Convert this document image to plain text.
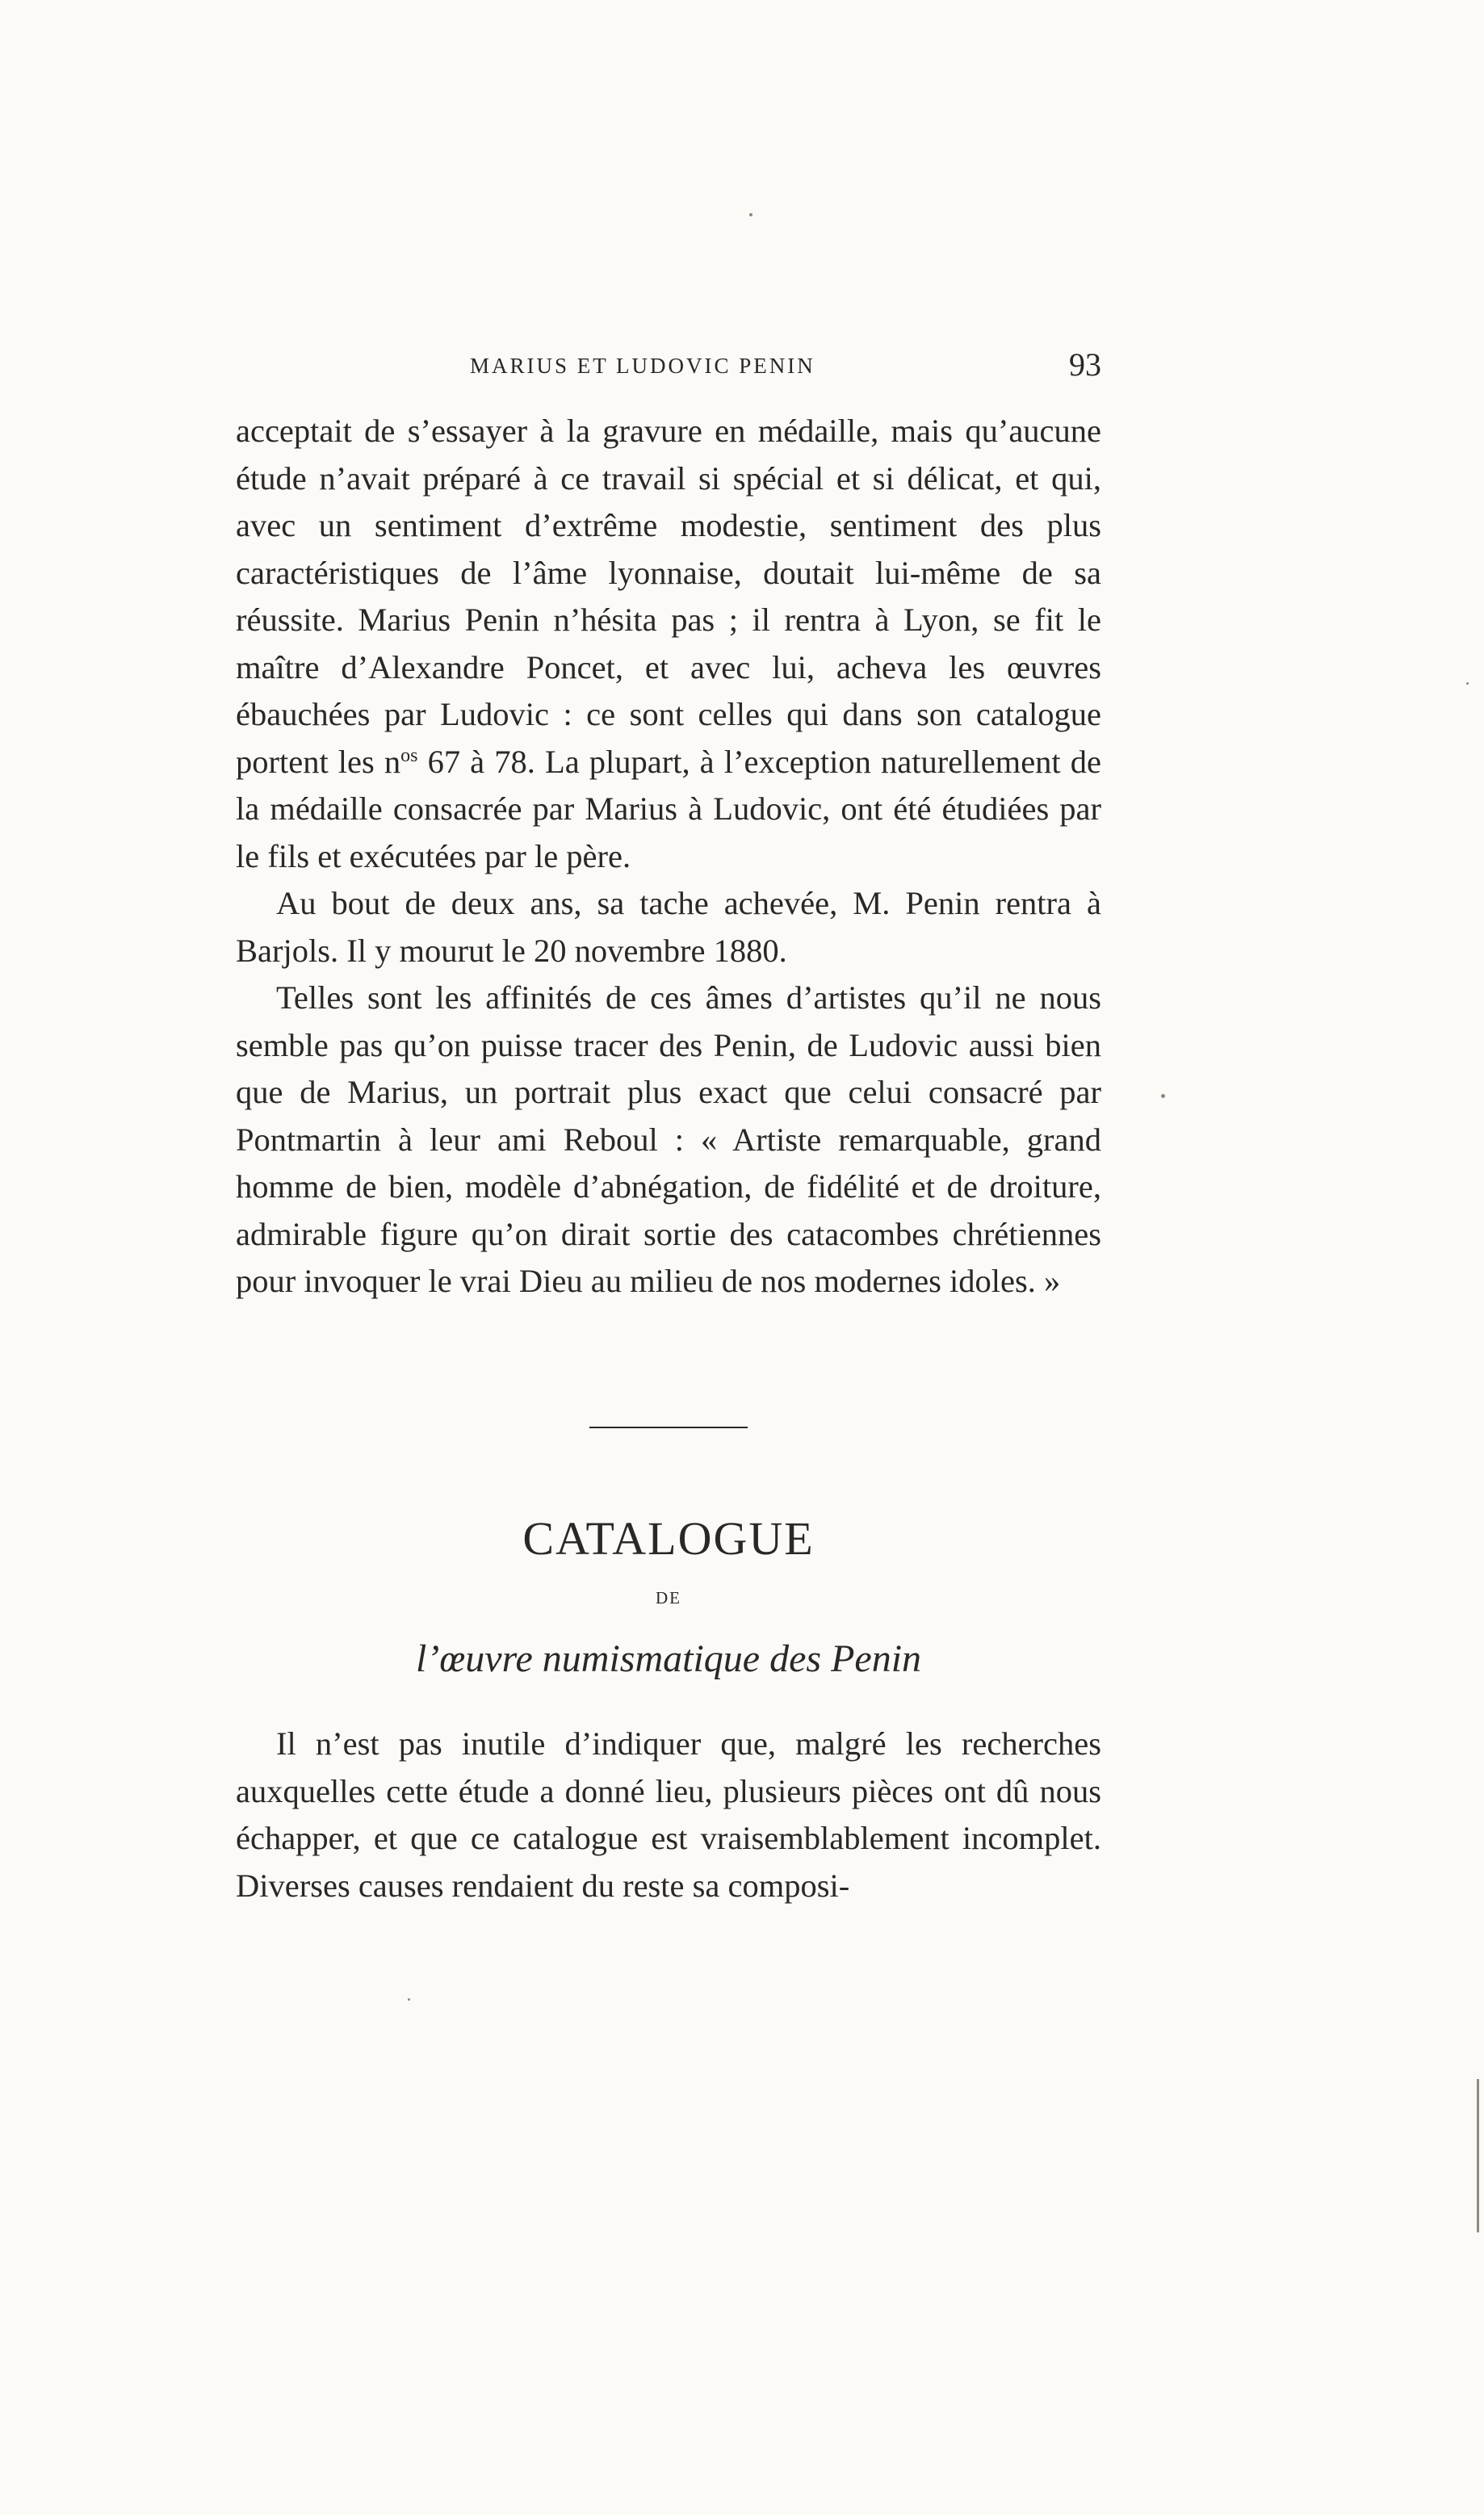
MARIUS ET LUDOVIC PENIN	93

acceptait de s’essayer à la gravure en médaille, mais qu’aucune étude n’avait préparé à ce travail si spécial et si délicat, et qui, avec un sentiment d’extrême modestie, sentiment des plus caractéristiques de l’âme lyonnaise, doutait lui-même de sa réussite. Marius Penin n’hésita pas ; il rentra à Lyon, se fit le maître d’Alexandre Poncet, et avec lui, acheva les œuvres ébauchées par Ludovic : ce sont celles qui dans son catalogue portent les $n^{os}$ 67 à 78. La plupart, à l’exception naturellement de la médaille consacrée par Marius à Ludovic, ont été étudiées par le fils et exécutées par le père.

Au bout de deux ans, sa tache achevée, M. Penin rentra à Barjols. Il y mourut le 20 novembre 1880.

Telles sont les affinités de ces âmes d’artistes qu’il ne nous semble pas qu’on puisse tracer des Penin, de Ludovic aussi bien que de Marius, un portrait plus exact que celui consacré par Pontmartin à leur ami Reboul : « Artiste remarquable, grand homme de bien, modèle d’abnégation, de fidélité et de droiture, admirable figure qu’on dirait sortie des catacombes chrétiennes pour invoquer le vrai Dieu au milieu de nos modernes idoles. »

CATALOGUE
DE
l’œuvre numismatique des Penin

Il n’est pas inutile d’indiquer que, malgré les recherches auxquelles cette étude a donné lieu, plusieurs pièces ont dû nous échapper, et que ce catalogue est vraisemblablement incomplet. Diverses causes rendaient du reste sa composi-
